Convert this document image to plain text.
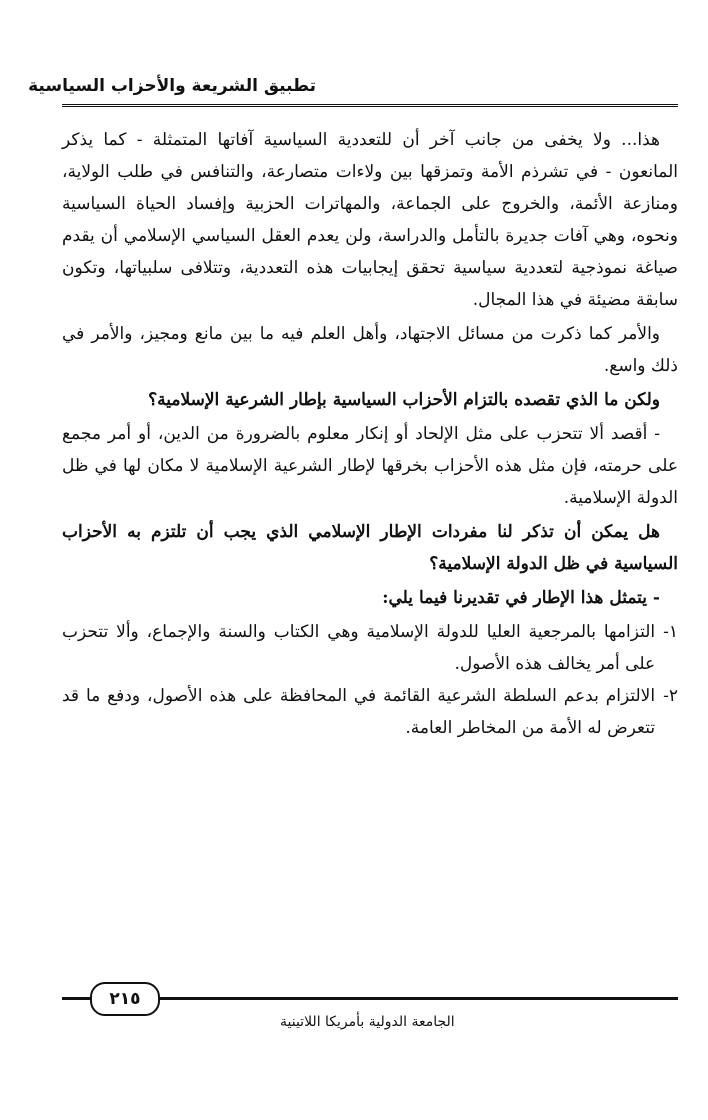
تطبيق الشريعة والأحزاب السياسية

هذا... ولا يخفى من جانب آخر أن للتعددية السياسية آفاتها المتمثلة - كما يذكر المانعون - في تشرذم الأمة وتمزقها بين ولاءات متصارعة، والتنافس في طلب الولاية، ومنازعة الأئمة، والخروج على الجماعة، والمهاترات الحزبية وإفساد الحياة السياسية ونحوه، وهي آفات جديرة بالتأمل والدراسة، ولن يعدم العقل السياسي الإسلامي أن يقدم صياغة نموذجية لتعددية سياسية تحقق إيجابيات هذه التعددية، وتتلافى سلبياتها، وتكون سابقة مضيئة في هذا المجال.

والأمر كما ذكرت من مسائل الاجتهاد، وأهل العلم فيه ما بين مانع ومجيز، والأمر في ذلك واسع.

ولكن ما الذي تقصده بالتزام الأحزاب السياسية بإطار الشرعية الإسلامية؟

- أقصد ألا تتحزب على مثل الإلحاد أو إنكار معلوم بالضرورة من الدين، أو أمر مجمع على حرمته، فإن مثل هذه الأحزاب بخرقها لإطار الشرعية الإسلامية لا مكان لها في ظل الدولة الإسلامية.

هل يمكن أن تذكر لنا مفردات الإطار الإسلامي الذي يجب أن تلتزم به الأحزاب السياسية في ظل الدولة الإسلامية؟

- يتمثل هذا الإطار في تقديرنا فيما يلي:

١-
التزامها بالمرجعية العليا للدولة الإسلامية وهي الكتاب والسنة والإجماع، وألا تتحزب على أمر يخالف هذه الأصول.
٢-
الالتزام بدعم السلطة الشرعية القائمة في المحافظة على هذه الأصول، ودفع ما قد تتعرض له الأمة من المخاطر العامة.
٢١٥
الجامعة الدولية بأمريكا اللاتينية
